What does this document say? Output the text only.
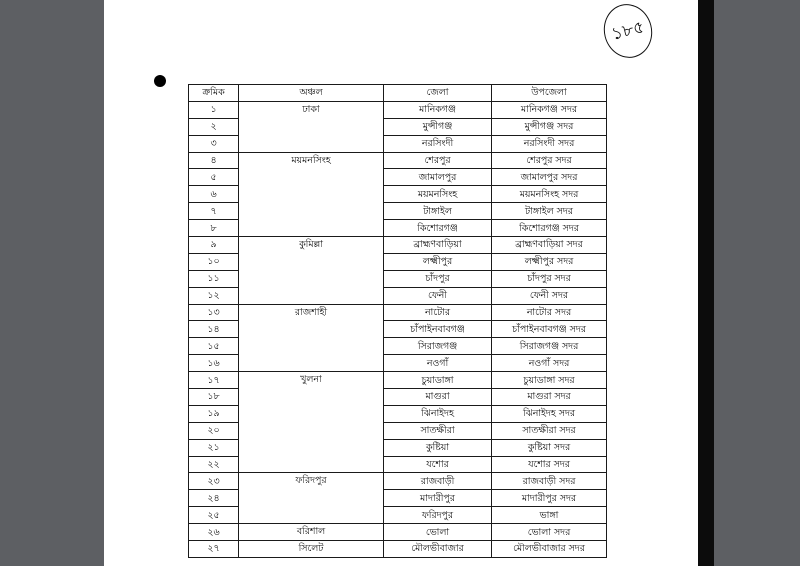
১৮৫
ক্রমিক	অঞ্চল	জেলা	উপজেলা
১	ঢাকা	মানিকগঞ্জ	মানিকগঞ্জ সদর
২		মুন্সীগঞ্জ	মুন্সীগঞ্জ সদর
৩		নরসিংদী	নরসিংদী সদর
৪	ময়মনসিংহ	শেরপুর	শেরপুর সদর
৫		জামালপুর	জামালপুর সদর
৬		ময়মনসিংহ	ময়মনসিংহ সদর
৭		টাঙ্গাইল	টাঙ্গাইল সদর
৮		কিশোরগঞ্জ	কিশোরগঞ্জ সদর
৯	কুমিল্লা	ব্রাহ্মণবাড়িয়া	ব্রাহ্মণবাড়িয়া সদর
১০		লক্ষ্মীপুর	লক্ষ্মীপুর সদর
১১		চাঁদপুর	চাঁদপুর সদর
১২		ফেনী	ফেনী সদর
১৩	রাজশাহী	নাটোর	নাটোর সদর
১৪		চাঁপাইনবাবগঞ্জ	চাঁপাইনবাবগঞ্জ সদর
১৫		সিরাজগঞ্জ	সিরাজগঞ্জ সদর
১৬		নওগাঁ	নওগাঁ সদর
১৭	খুলনা	চুয়াডাঙ্গা	চুয়াডাঙ্গা সদর
১৮		মাগুরা	মাগুরা সদর
১৯		ঝিনাইদহ	ঝিনাইদহ সদর
২০		সাতক্ষীরা	সাতক্ষীরা সদর
২১		কুষ্টিয়া	কুষ্টিয়া সদর
২২		যশোর	যশোর সদর
২৩	ফরিদপুর	রাজবাড়ী	রাজবাড়ী সদর
২৪		মাদারীপুর	মাদারীপুর সদর
২৫		ফরিদপুর	ভাঙ্গা
২৬	বরিশাল	ভোলা	ভোলা সদর
২৭	সিলেট	মৌলভীবাজার	মৌলভীবাজার সদর
